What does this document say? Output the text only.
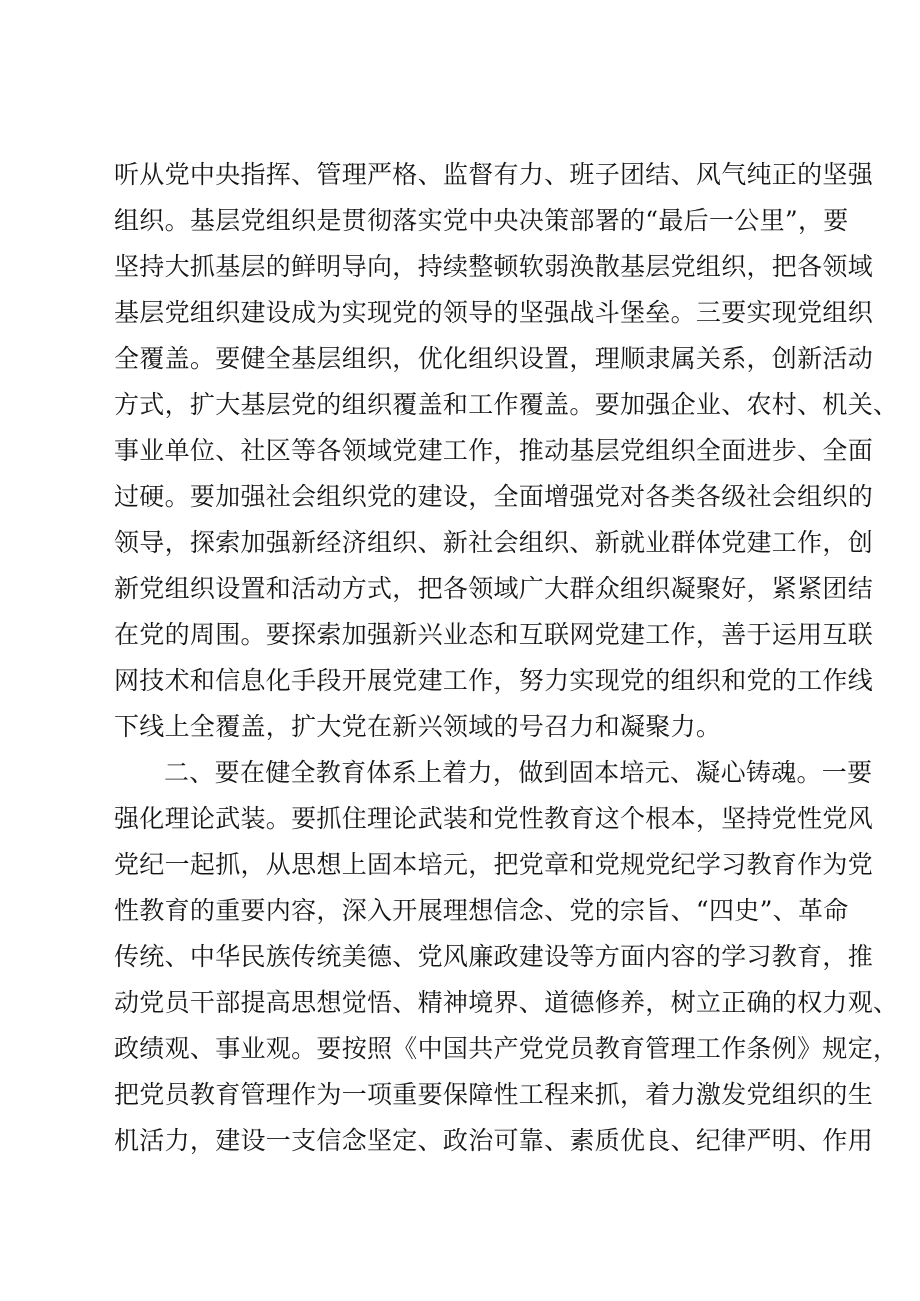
听从党中央指挥、管理严格、监督有力、班子团结、风气纯正的坚强
组织。基层党组织是贯彻落实党中央决策部署的“最后一公里”，要
坚持大抓基层的鲜明导向，持续整顿软弱涣散基层党组织，把各领域
基层党组织建设成为实现党的领导的坚强战斗堡垒。三要实现党组织
全覆盖。要健全基层组织，优化组织设置，理顺隶属关系，创新活动
方式，扩大基层党的组织覆盖和工作覆盖。要加强企业、农村、机关、
事业单位、社区等各领域党建工作，推动基层党组织全面进步、全面
过硬。要加强社会组织党的建设，全面增强党对各类各级社会组织的
领导，探索加强新经济组织、新社会组织、新就业群体党建工作，创
新党组织设置和活动方式，把各领域广大群众组织凝聚好，紧紧团结
在党的周围。要探索加强新兴业态和互联网党建工作，善于运用互联
网技术和信息化手段开展党建工作，努力实现党的组织和党的工作线
下线上全覆盖，扩大党在新兴领域的号召力和凝聚力。
二、要在健全教育体系上着力，做到固本培元、凝心铸魂。一要
强化理论武装。要抓住理论武装和党性教育这个根本，坚持党性党风
党纪一起抓，从思想上固本培元，把党章和党规党纪学习教育作为党
性教育的重要内容，深入开展理想信念、党的宗旨、“四史”、革命
传统、中华民族传统美德、党风廉政建设等方面内容的学习教育，推
动党员干部提高思想觉悟、精神境界、道德修养，树立正确的权力观、
政绩观、事业观。要按照《中国共产党党员教育管理工作条例》规定，
把党员教育管理作为一项重要保障性工程来抓，着力激发党组织的生
机活力，建设一支信念坚定、政治可靠、素质优良、纪律严明、作用
